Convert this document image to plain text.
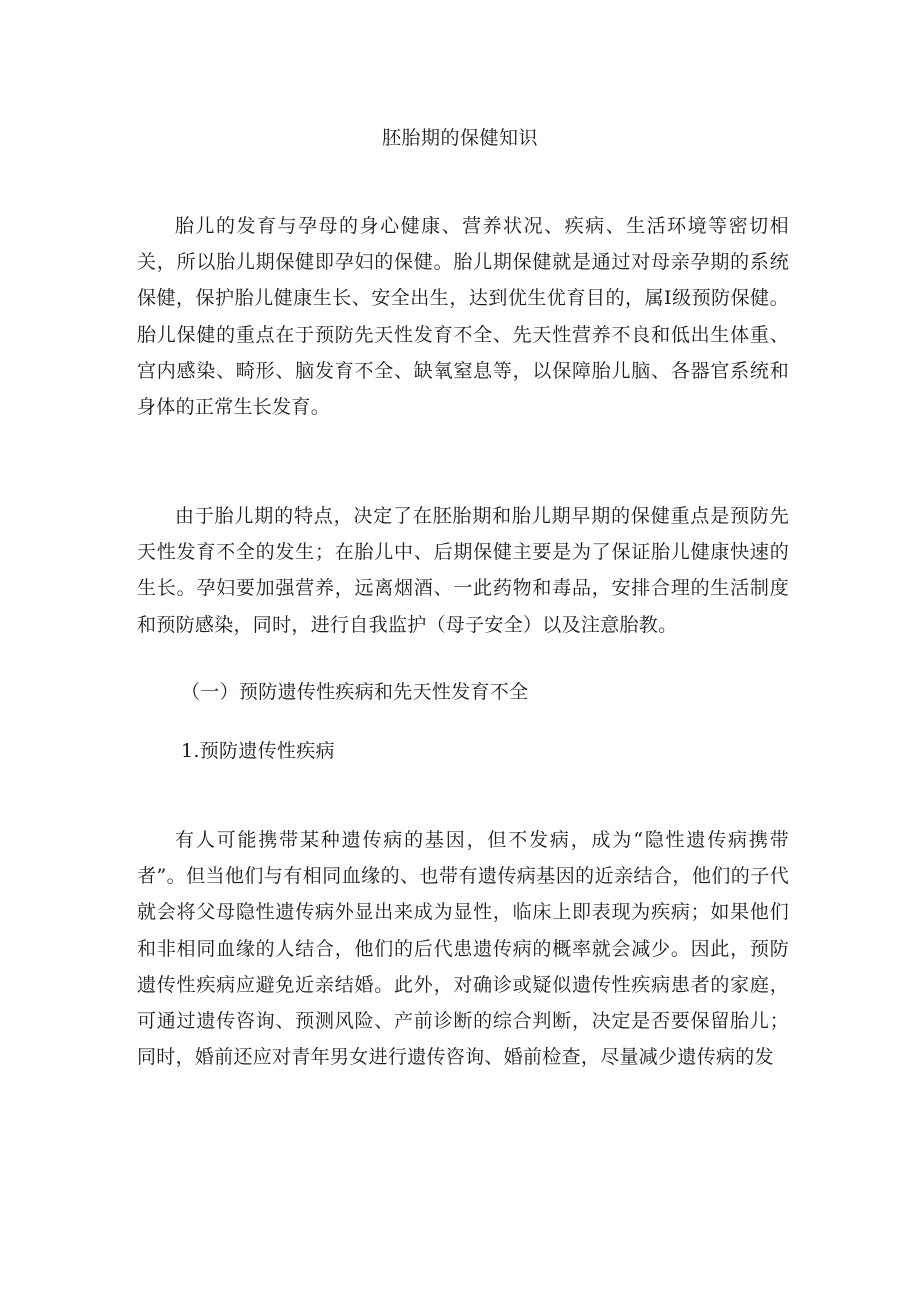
胚胎期的保健知识

胎儿的发育与孕母的身心健康、营养状况、疾病、生活环境等密切相关，所以胎儿期保健即孕妇的保健。胎儿期保健就是通过对母亲孕期的系统保健，保护胎儿健康生长、安全出生，达到优生优育目的，属I级预防保健。胎儿保健的重点在于预防先天性发育不全、先天性营养不良和低出生体重、宫内感染、畸形、脑发育不全、缺氧窒息等，以保障胎儿脑、各器官系统和身体的正常生长发育。

由于胎儿期的特点，决定了在胚胎期和胎儿期早期的保健重点是预防先天性发育不全的发生；在胎儿中、后期保健主要是为了保证胎儿健康快速的生长。孕妇要加强营养，远离烟酒、一此药物和毒品，安排合理的生活制度和预防感染，同时，进行自我监护（母子安全）以及注意胎教。

（一）预防遗传性疾病和先天性发育不全

1.预防遗传性疾病

有人可能携带某种遗传病的基因，但不发病，成为“隐性遗传病携带者”。但当他们与有相同血缘的、也带有遗传病基因的近亲结合，他们的子代就会将父母隐性遗传病外显出来成为显性，临床上即表现为疾病；如果他们和非相同血缘的人结合，他们的后代患遗传病的概率就会减少。因此，预防遗传性疾病应避免近亲结婚。此外，对确诊或疑似遗传性疾病患者的家庭，可通过遗传咨询、预测风险、产前诊断的综合判断，决定是否要保留胎儿；同时，婚前还应对青年男女进行遗传咨询、婚前检查，尽量减少遗传病的发
